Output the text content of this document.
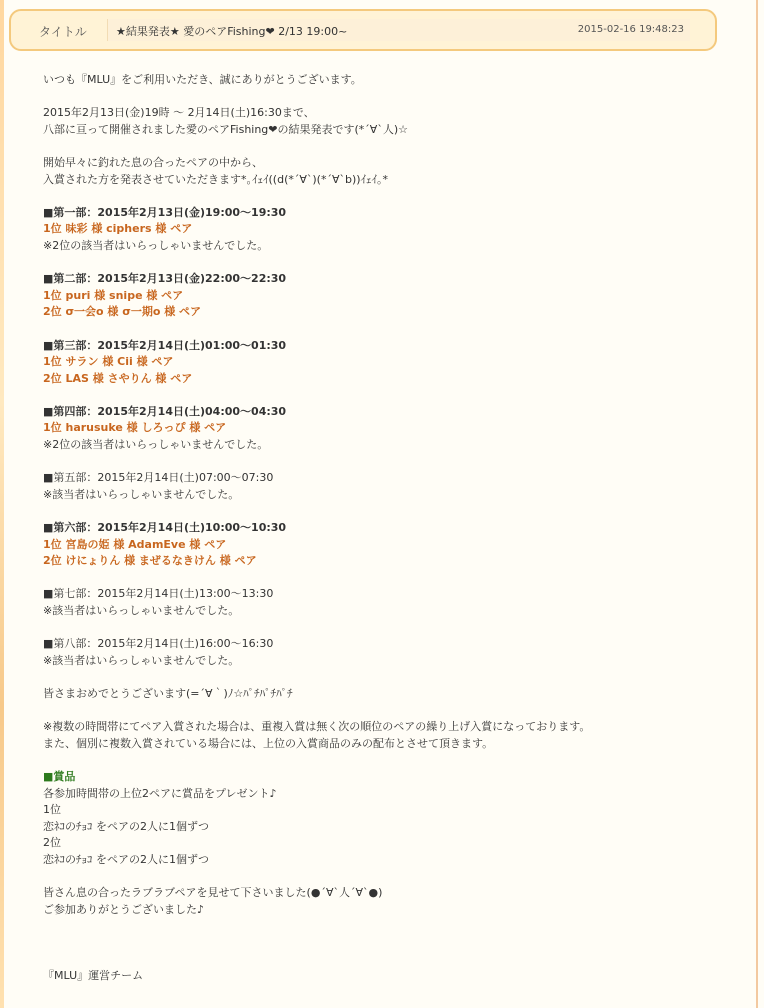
タイトル	★結果発表★ 愛のペアFishing❤ 2/13 19:00~	2015-02-16 19:48:23
いつも『MLU』をご利用いただき、誠にありがとうございます。
2015年2月13日(金)19時 ～ 2月14日(土)16:30まで、
八部に亘って開催されました愛のペアFishing❤の結果発表です(*´∀`人)☆
開始早々に釣れた息の合ったペアの中から、
入賞された方を発表させていただきます*｡ｲｪｲ((d(*´∀`)(*´∀`b))ｲｪｲ｡*
■第一部：2015年2月13日(金)19:00～19:30
1位 味彩 様 ciphers 様 ペア
※2位の該当者はいらっしゃいませんでした。
■第二部：2015年2月13日(金)22:00～22:30
1位 puri 様 snipe 様 ペア
2位 σ一会ο 様 σ一期ο 様 ペア
■第三部：2015年2月14日(土)01:00～01:30
1位 サラン 様 Cii 様 ペア
2位 LAS 様 さやりん 様 ペア
■第四部：2015年2月14日(土)04:00～04:30
1位 harusuke 様 しろっぴ 様 ペア
※2位の該当者はいらっしゃいませんでした。
■第五部：2015年2月14日(土)07:00～07:30
※該当者はいらっしゃいませんでした。
■第六部：2015年2月14日(土)10:00～10:30
1位 宮島の姫 様 AdamEve 様 ペア
2位 けにょりん 様 まぜるなきけん 様 ペア
■第七部：2015年2月14日(土)13:00～13:30
※該当者はいらっしゃいませんでした。
■第八部：2015年2月14日(土)16:00～16:30
※該当者はいらっしゃいませんでした。
皆さまおめでとうございます(=´∀｀)ﾉ☆ﾊﾟﾁﾊﾟﾁﾊﾟﾁ
※複数の時間帯にてペア入賞された場合は、重複入賞は無く次の順位のペアの繰り上げ入賞になっております。
また、個別に複数入賞されている場合には、上位の入賞商品のみの配布とさせて頂きます。
■賞品
各参加時間帯の上位2ペアに賞品をプレゼント♪
1位
恋ﾈｺのﾁｮｺ をペアの2人に1個ずつ
2位
恋ﾈｺのﾁｮｺ をペアの2人に1個ずつ
皆さん息の合ったラブラブペアを見せて下さいました(●´∀`人´∀`●)
ご参加ありがとうございました♪
『MLU』運営チーム
